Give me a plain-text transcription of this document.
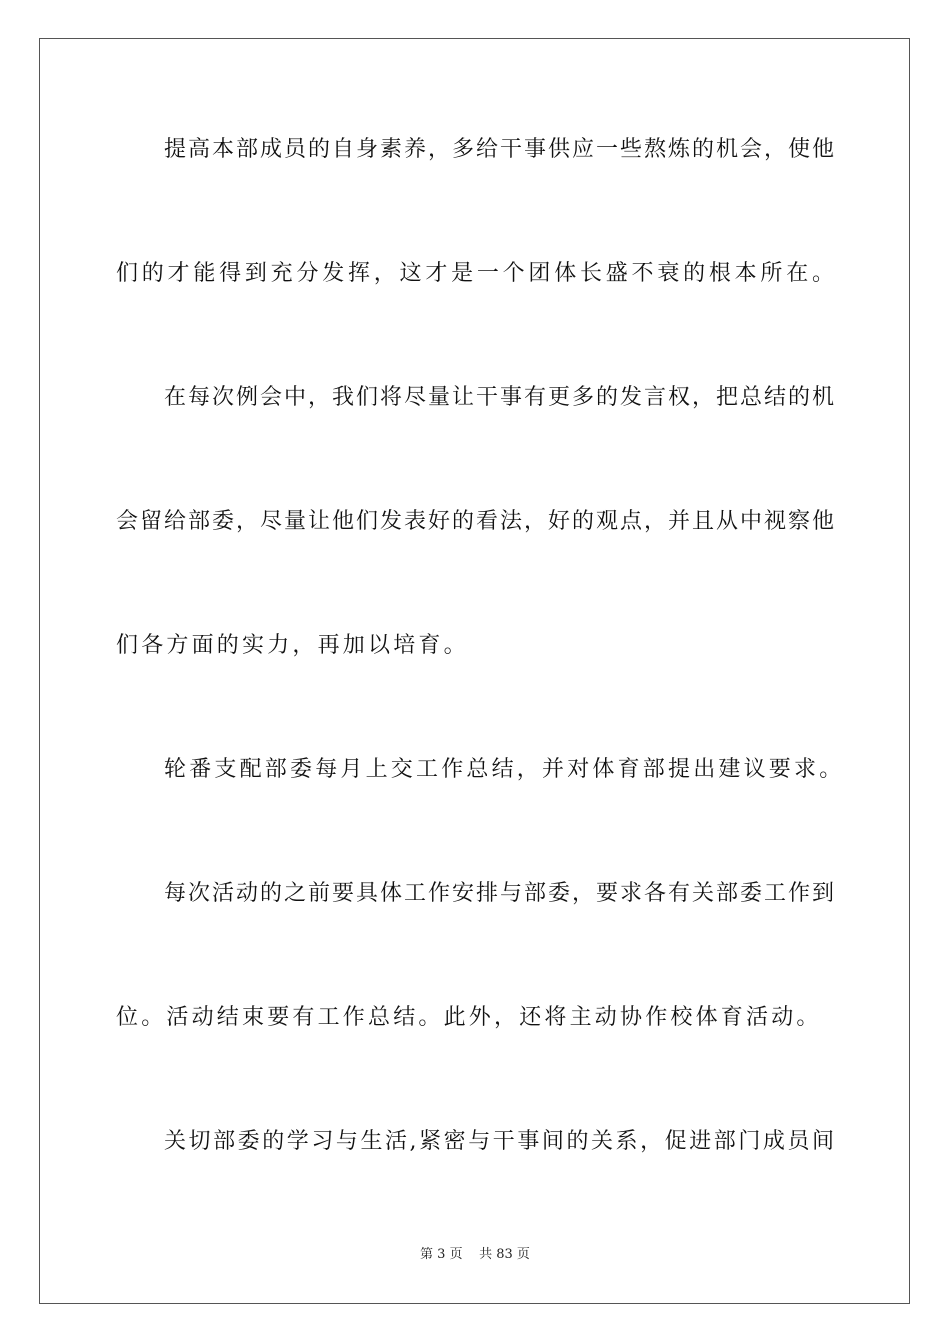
提高本部成员的自身素养，多给干事供应一些熬炼的机会，使他
们的才能得到充分发挥，这才是一个团体长盛不衰的根本所在。
在每次例会中，我们将尽量让干事有更多的发言权，把总结的机
会留给部委，尽量让他们发表好的看法，好的观点，并且从中视察他
们各方面的实力，再加以培育。
轮番支配部委每月上交工作总结，并对体育部提出建议要求。
每次活动的之前要具体工作安排与部委，要求各有关部委工作到
位。活动结束要有工作总结。此外，还将主动协作校体育活动。
关切部委的学习与生活,紧密与干事间的关系，促进部门成员间
第 3 页 共 83 页
